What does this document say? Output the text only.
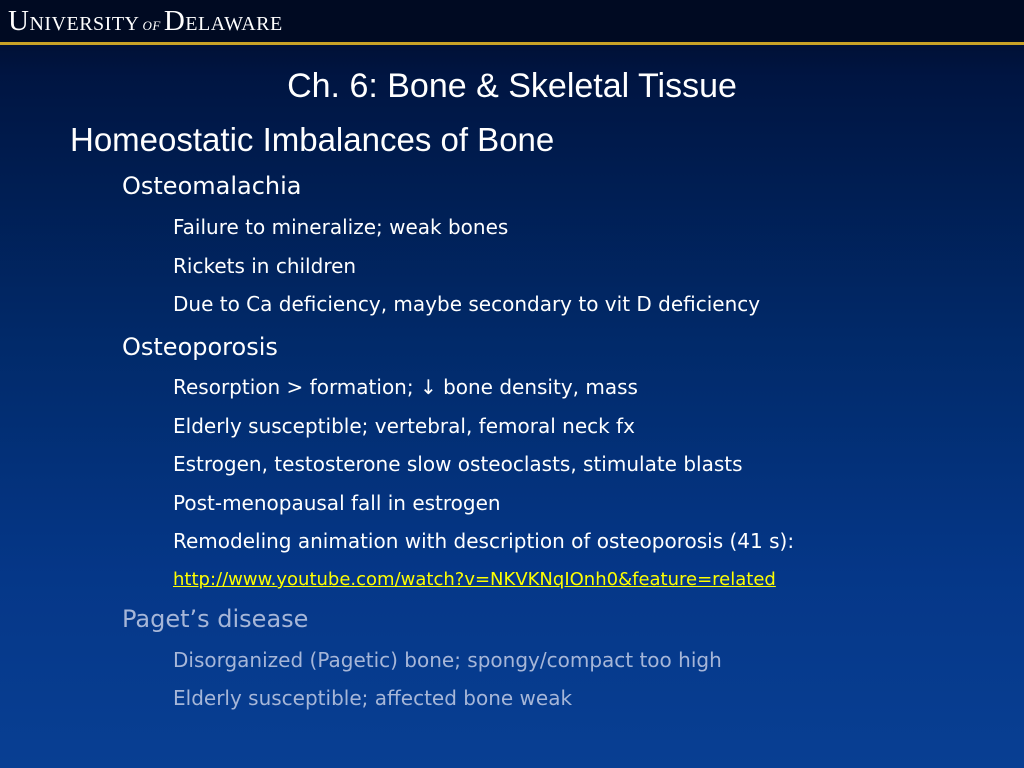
U NIVERSITY OF D ELAWARE
Ch. 6: Bone & Skeletal Tissue
Homeostatic Imbalances of Bone
Osteomalachia
Failure to mineralize; weak bones
Rickets in children
Due to Ca deficiency, maybe secondary to vit D deficiency
Osteoporosis
Resorption > formation; ↓ bone density, mass
Elderly susceptible; vertebral, femoral neck fx
Estrogen, testosterone slow osteoclasts, stimulate blasts
Post-menopausal fall in estrogen
Remodeling animation with description of osteoporosis (41 s):
http://www.youtube.com/watch?v=NKVKNqIOnh0&feature=related
Paget’s disease
Disorganized (Pagetic) bone; spongy/compact too high
Elderly susceptible; affected bone weak
